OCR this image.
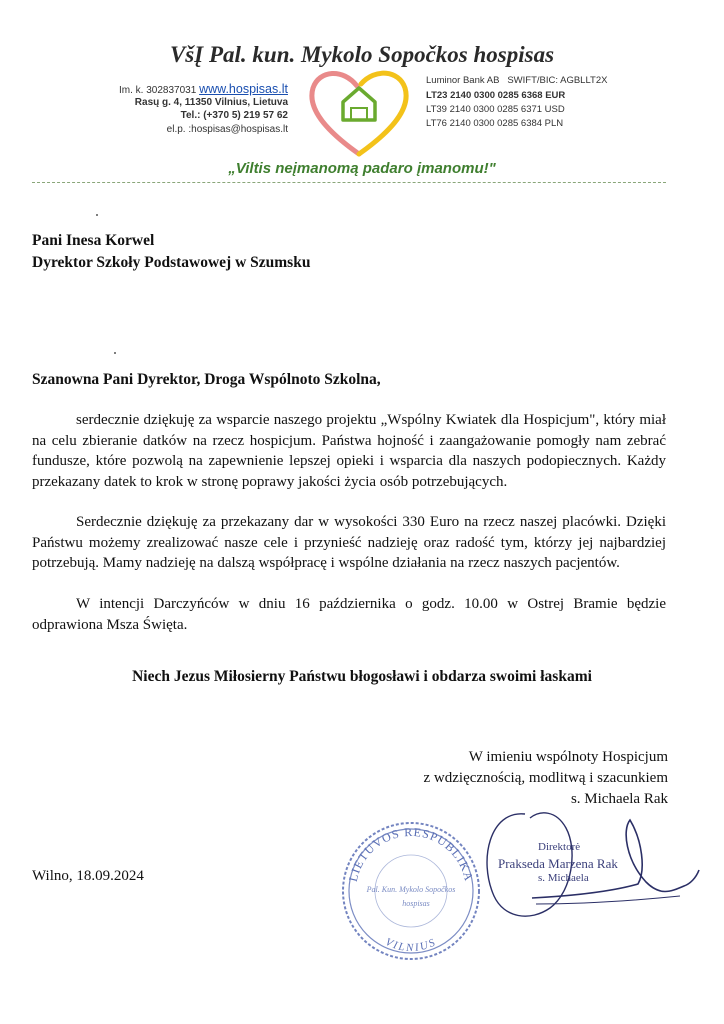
VšĮ Pal. kun. Mykolo Sopočkos hospisas
Im. k. 302837031 www.hospisas.lt
Rasų g. 4, 11350 Vilnius, Lietuva
Tel.: (+370 5) 219 57 62
el.p. :hospisas@hospisas.lt
Luminor Bank AB SWIFT/BIC: AGBLLT2X
LT23 2140 0300 0285 6368 EUR
LT39 2140 0300 0285 6371 USD
LT76 2140 0300 0285 6384 PLN
„Viltis neįmanomą padaro įmanomu!"
Pani Inesa Korwel
Dyrektor Szkoły Podstawowej w Szumsku
Szanowna Pani Dyrektor, Droga Wspólnoto Szkolna,
serdecznie dziękuję za wsparcie naszego projektu „Wspólny Kwiatek dla Hospicjum", który miał na celu zbieranie datków na rzecz hospicjum. Państwa hojność i zaangażowanie pomogły nam zebrać fundusze, które pozwolą na zapewnienie lepszej opieki i wsparcia dla naszych podopiecznych. Każdy przekazany datek to krok w stronę poprawy jakości życia osób potrzebujących.
Serdecznie dziękuję za przekazany dar w wysokości 330 Euro na rzecz naszej placówki. Dzięki Państwu możemy zrealizować nasze cele i przynieść nadzieję oraz radość tym, którzy jej najbardziej potrzebują. Mamy nadzieję na dalszą współpracę i wspólne działania na rzecz naszych pacjentów.
W intencji Darczyńców w dniu 16 października o godz. 10.00 w Ostrej Bramie będzie odprawiona Msza Święta.
Niech Jezus Miłosierny Państwu błogosławi i obdarza swoimi łaskami
W imieniu wspólnoty Hospicjum
z wdzięcznością, modlitwą i szacunkiem
s. Michaela Rak
Wilno, 18.09.2024	LIETUVOS RESPUBLIKA
VILNIUS
Pal. Kun. Mykolo Sopočkos
hospisas
Direktorė
Prakseda Marzena Rak
s. Michaela
